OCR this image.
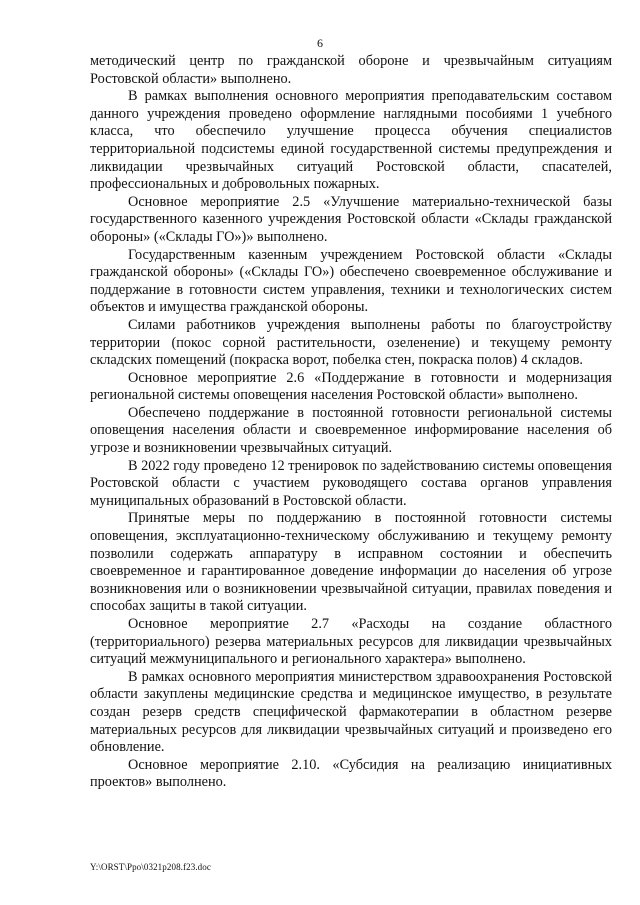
6

методический центр по гражданской обороне и чрезвычайным ситуациям Ростовской области» выполнено.

В рамках выполнения основного мероприятия преподавательским составом данного учреждения проведено оформление наглядными пособиями 1 учебного класса, что обеспечило улучшение процесса обучения специалистов территориальной подсистемы единой государственной системы предупреждения и ликвидации чрезвычайных ситуаций Ростовской области, спасателей, профессиональных и добровольных пожарных.

Основное мероприятие 2.5 «Улучшение материально-технической базы государственного казенного учреждения Ростовской области «Склады гражданской обороны» («Склады ГО»)» выполнено.

Государственным казенным учреждением Ростовской области «Склады гражданской обороны» («Склады ГО») обеспечено своевременное обслуживание и поддержание в готовности систем управления, техники и технологических систем объектов и имущества гражданской обороны.

Силами работников учреждения выполнены работы по благоустройству территории (покос сорной растительности, озеленение) и текущему ремонту складских помещений (покраска ворот, побелка стен, покраска полов) 4 складов.

Основное мероприятие 2.6 «Поддержание в готовности и модернизация региональной системы оповещения населения Ростовской области» выполнено.

Обеспечено поддержание в постоянной готовности региональной системы оповещения населения области и своевременное информирование населения об угрозе и возникновении чрезвычайных ситуаций.

В 2022 году проведено 12 тренировок по задействованию системы оповещения Ростовской области с участием руководящего состава органов управления муниципальных образований в Ростовской области.

Принятые меры по поддержанию в постоянной готовности системы оповещения, эксплуатационно-техническому обслуживанию и текущему ремонту позволили содержать аппаратуру в исправном состоянии и обеспечить своевременное и гарантированное доведение информации до населения об угрозе возникновения или о возникновении чрезвычайной ситуации, правилах поведения и способах защиты в такой ситуации.

Основное мероприятие 2.7 «Расходы на создание областного (территориального) резерва материальных ресурсов для ликвидации чрезвычайных ситуаций межмуниципального и регионального характера» выполнено.

В рамках основного мероприятия министерством здравоохранения Ростовской области закуплены медицинские средства и медицинское имущество, в результате создан резерв средств специфической фармакотерапии в областном резерве материальных ресурсов для ликвидации чрезвычайных ситуаций и произведено его обновление.

Основное мероприятие 2.10. «Субсидия на реализацию инициативных проектов» выполнено.

Y:\ORST\Ppo\0321p208.f23.doc
